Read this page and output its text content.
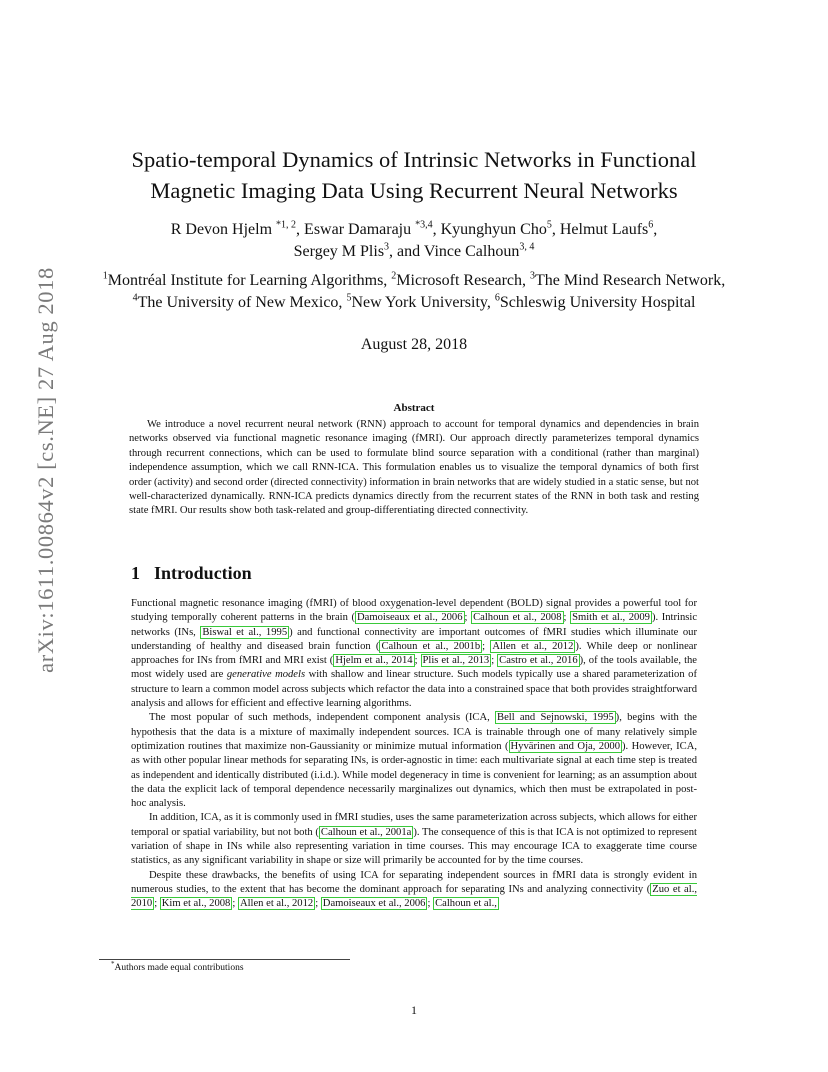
arXiv:1611.00864v2 [cs.NE] 27 Aug 2018
Spatio-temporal Dynamics of Intrinsic Networks in Functional
Magnetic Imaging Data Using Recurrent Neural Networks
R Devon Hjelm $^{*1, 2}$, Eswar Damaraju $^{*3,4}$, Kyunghyun Cho$^5$, Helmut Laufs$^6$,
Sergey M Plis$^3$, and Vince Calhoun$^{3, 4}$
$^1$Montréal Institute for Learning Algorithms, $^2$Microsoft Research, $^3$The Mind Research Network,
$^4$The University of New Mexico, $^5$New York University, $^6$Schleswig University Hospital
August 28, 2018
Abstract

We introduce a novel recurrent neural network (RNN) approach to account for temporal dynamics and dependencies in brain networks observed via functional magnetic resonance imaging (fMRI). Our approach directly parameterizes temporal dynamics through recurrent connections, which can be used to formulate blind source separation with a conditional (rather than marginal) independence assumption, which we call RNN-ICA. This formulation enables us to visualize the temporal dynamics of both first order (activity) and second order (directed connectivity) information in brain networks that are widely studied in a static sense, but not well-characterized dynamically. RNN-ICA predicts dynamics directly from the recurrent states of the RNN in both task and resting state fMRI. Our results show both task-related and group-differentiating directed connectivity.

1 Introduction

Functional magnetic resonance imaging (fMRI) of blood oxygenation-level dependent (BOLD) signal provides a powerful tool for studying temporally coherent patterns in the brain ( Damoiseaux et al., 2006 ; Calhoun et al., 2008 ; Smith et al., 2009 ). Intrinsic networks (INs, Biswal et al., 1995 ) and functional connectivity are important outcomes of fMRI studies which illuminate our understanding of healthy and diseased brain function ( Calhoun et al., 2001b ; Allen et al., 2012 ). While deep or nonlinear approaches for INs from fMRI and MRI exist ( Hjelm et al., 2014 ; Plis et al., 2013 ; Castro et al., 2016 ), of the tools available, the most widely used are generative models with shallow and linear structure. Such models typically use a shared parameterization of structure to learn a common model across subjects which refactor the data into a constrained space that both provides straightforward analysis and allows for efficient and effective learning algorithms.

The most popular of such methods, independent component analysis (ICA, Bell and Sejnowski, 1995 ), begins with the hypothesis that the data is a mixture of maximally independent sources. ICA is trainable through one of many relatively simple optimization routines that maximize non-Gaussianity or minimize mutual information ( Hyvärinen and Oja, 2000 ). However, ICA, as with other popular linear methods for separating INs, is order-agnostic in time: each multivariate signal at each time step is treated as independent and identically distributed (i.i.d.). While model degeneracy in time is convenient for learning; as an assumption about the data the explicit lack of temporal dependence necessarily marginalizes out dynamics, which then must be extrapolated in post-hoc analysis.

In addition, ICA, as it is commonly used in fMRI studies, uses the same parameterization across subjects, which allows for either temporal or spatial variability, but not both ( Calhoun et al., 2001a ). The consequence of this is that ICA is not optimized to represent variation of shape in INs while also representing variation in time courses. This may encourage ICA to exaggerate time course statistics, as any significant variability in shape or size will primarily be accounted for by the time courses.

Despite these drawbacks, the benefits of using ICA for separating independent sources in fMRI data is strongly evident in numerous studies, to the extent that has become the dominant approach for separating INs and analyzing connectivity ( Zuo et al., 2010 ; Kim et al., 2008 ; Allen et al., 2012 ; Damoiseaux et al., 2006 ; Calhoun et al.,

*Authors made equal contributions
1
